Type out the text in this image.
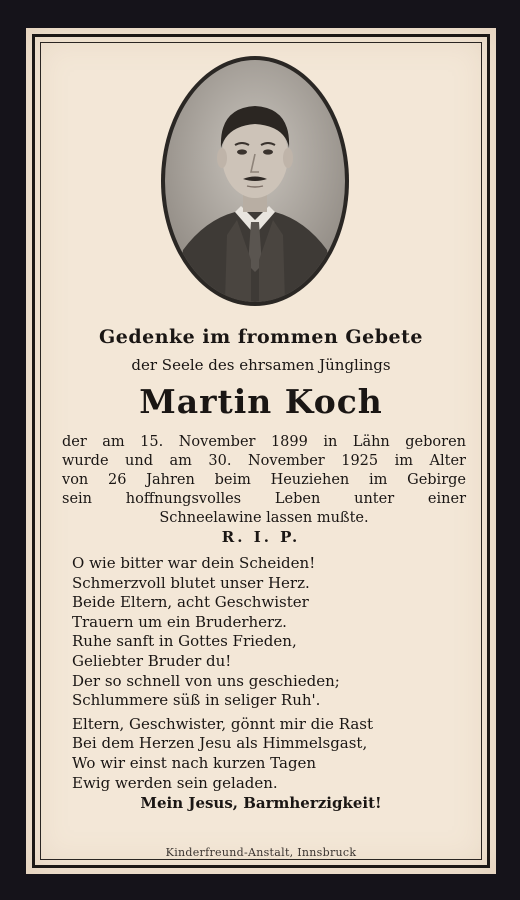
Gedenke im frommen Gebete
der Seele des ehrsamen Jünglings
Martin Koch
der am 15. November 1899 in Lähn geboren
wurde und am 30. November 1925 im Alter
von 26 Jahren beim Heuziehen im Gebirge
sein hoffnungsvolles Leben unter einer
Schneelawine lassen mußte.
R. I. P.
O wie bitter war dein Scheiden!
Schmerzvoll blutet unser Herz.
Beide Eltern, acht Geschwister
Trauern um ein Bruderherz.
Ruhe sanft in Gottes Frieden,
Geliebter Bruder du!
Der so schnell von uns geschieden;
Schlummere süß in seliger Ruh'.
Eltern, Geschwister, gönnt mir die Rast
Bei dem Herzen Jesu als Himmelsgast,
Wo wir einst nach kurzen Tagen
Ewig werden sein geladen.
Mein Jesus, Barmherzigkeit!
Kinderfreund-Anstalt, Innsbruck
